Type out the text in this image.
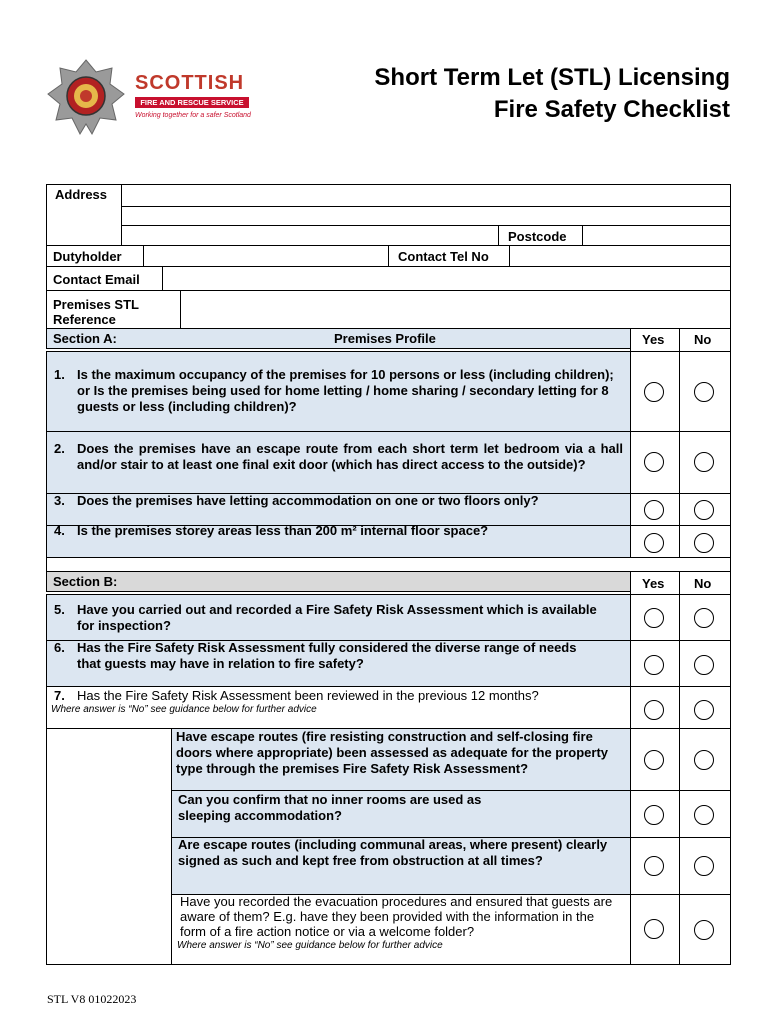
SCOTTISH
FIRE AND RESCUE SERVICE
Working together for a safer Scotland
Short Term Let (STL) Licensing
Fire Safety Checklist
Address
Postcode
Dutyholder	Contact Tel No
Contact Email
Premises STL
Reference
Section A:	Premises Profile	Yes No
1. Is the maximum occupancy of the premises for 10 persons or less (including children); or Is the premises being used for home letting / home sharing / secondary letting for 8 guests or less (including children)?
2. Does the premises have an escape route from each short term let bedroom via a hall and/or stair to at least one final exit door (which has direct access to the outside)?
3. Does the premises have letting accommodation on one or two floors only?
4. Is the premises storey areas less than 200 m² internal floor space?
Section B:	Yes No
5. Have you carried out and recorded a Fire Safety Risk Assessment which is available for inspection?
6. Has the Fire Safety Risk Assessment fully considered the diverse range of needs that guests may have in relation to fire safety?
7. Has the Fire Safety Risk Assessment been reviewed in the previous 12 months?
Where answer is “No” see guidance below for further advice
Have escape routes (fire resisting construction and self-closing fire doors where appropriate) been assessed as adequate for the property type through the premises Fire Safety Risk Assessment?
Can you confirm that no inner rooms are used as sleeping accommodation?
Are escape routes (including communal areas, where present) clearly signed as such and kept free from obstruction at all times?
Have you recorded the evacuation procedures and ensured that guests are aware of them? E.g. have they been provided with the information in the form of a fire action notice or via a welcome folder?
Where answer is “No” see guidance below for further advice
STL V8 01022023
